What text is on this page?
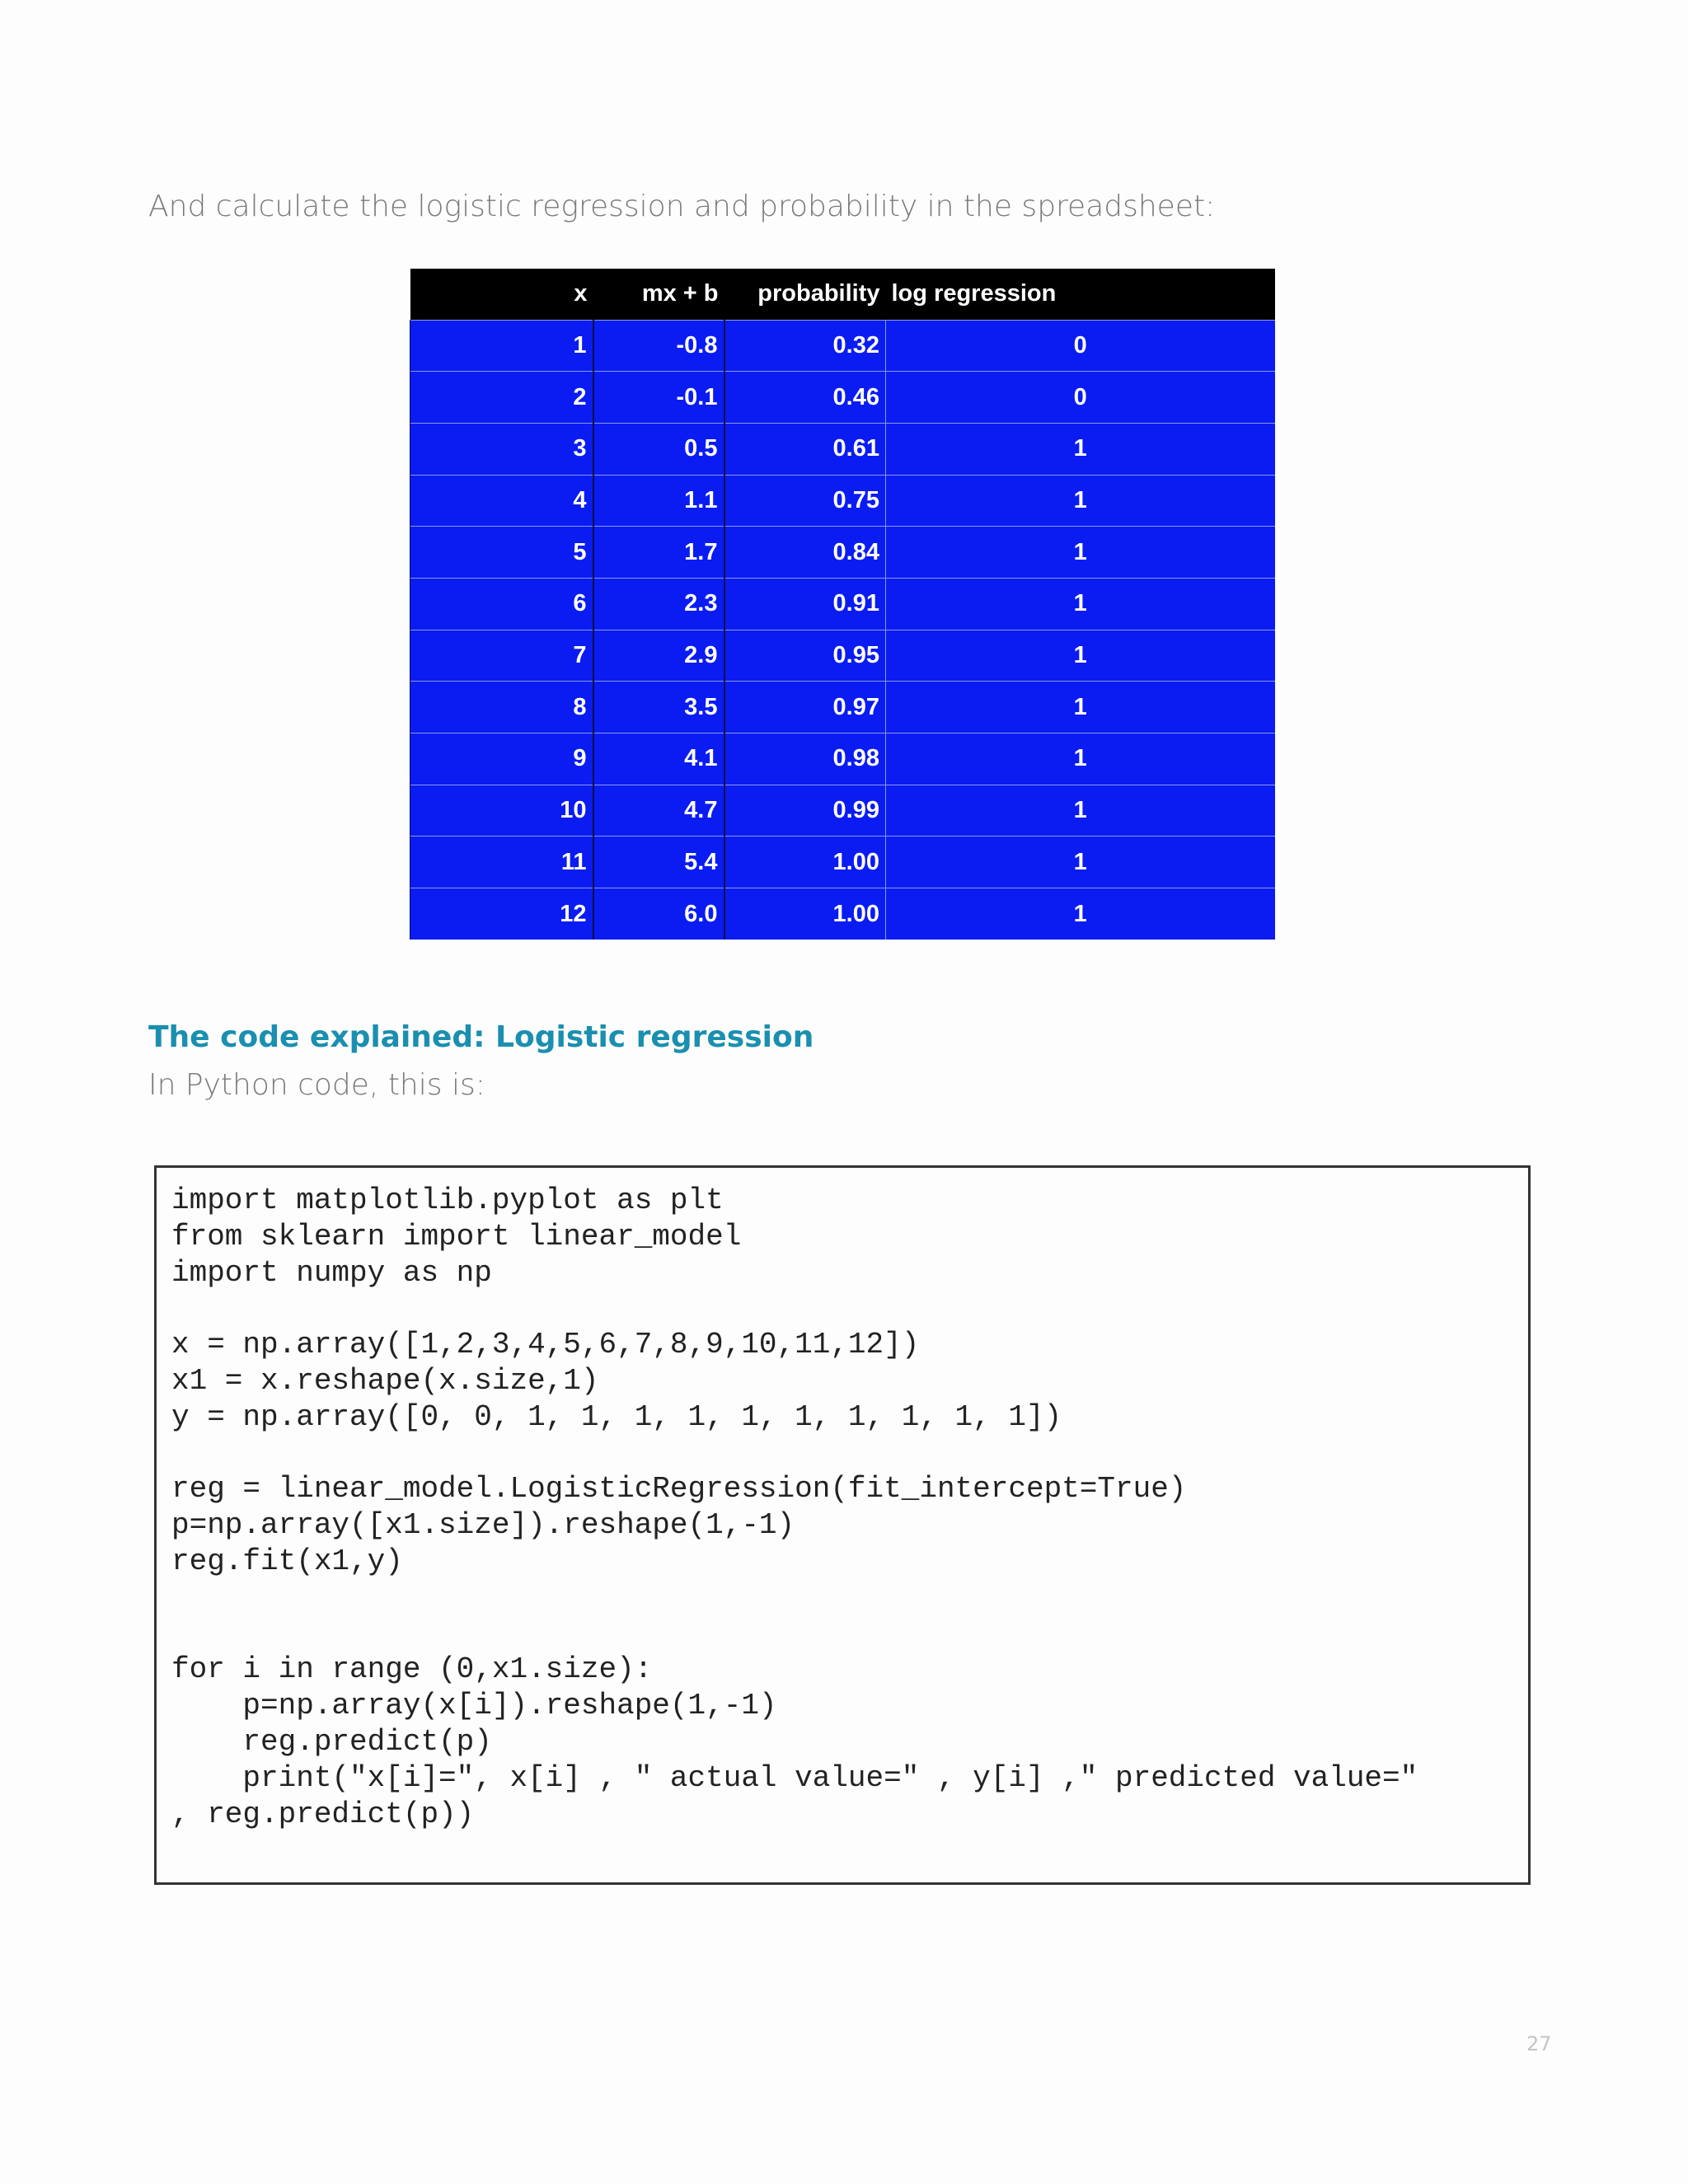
And calculate the logistic regression and probability in the spreadsheet:
x	mx + b	probability	log regression
1	-0.8	0.32	0
2	-0.1	0.46	0
3	0.5	0.61	1
4	1.1	0.75	1
5	1.7	0.84	1
6	2.3	0.91	1
7	2.9	0.95	1
8	3.5	0.97	1
9	4.1	0.98	1
10	4.7	0.99	1
11	5.4	1.00	1
12	6.0	1.00	1
The code explained: Logistic regression
In Python code, this is:
import matplotlib.pyplot as plt
from sklearn import linear_model
import numpy as np

x = np.array([1,2,3,4,5,6,7,8,9,10,11,12])
x1 = x.reshape(x.size,1)
y = np.array([0, 0, 1, 1, 1, 1, 1, 1, 1, 1, 1, 1])

reg = linear_model.LogisticRegression(fit_intercept=True)
p=np.array([x1.size]).reshape(1,-1)
reg.fit(x1,y)

for i in range (0,x1.size):
p=np.array(x[i]).reshape(1,-1)
reg.predict(p)
print("x[i]=", x[i] , " actual value=" , y[i] ," predicted value="
, reg.predict(p))
27
